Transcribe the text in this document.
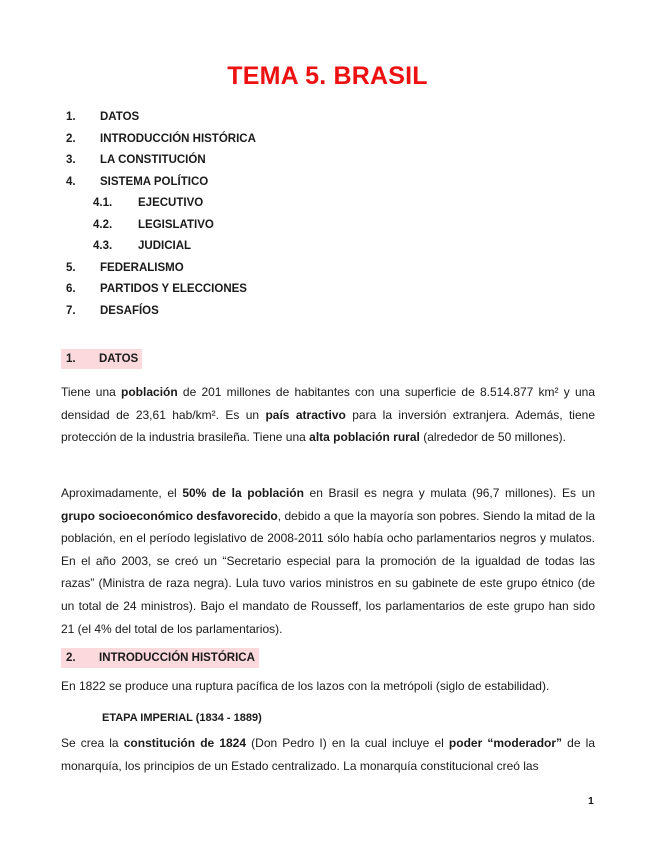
TEMA 5. BRASIL
1.	DATOS
2.	INTRODUCCIÓN HISTÓRICA
3.	LA CONSTITUCIÓN
4.	SISTEMA POLÍTICO
4.1.	EJECUTIVO
4.2.	LEGISLATIVO
4.3.	JUDICIAL
5.	FEDERALISMO
6.	PARTIDOS Y ELECCIONES
7.	DESAFÍOS
1. DATOS

Tiene una población de 201 millones de habitantes con una superficie de 8.514.877 km² y una densidad de 23,61 hab/km². Es un país atractivo para la inversión extranjera. Además, tiene protección de la industria brasileña. Tiene una alta población rural (alrededor de 50 millones).

Aproximadamente, el 50% de la población en Brasil es negra y mulata (96,7 millones). Es un grupo socioeconómico desfavorecido, debido a que la mayoría son pobres. Siendo la mitad de la población, en el período legislativo de 2008-2011 sólo había ocho parlamentarios negros y mulatos. En el año 2003, se creó un “Secretario especial para la promoción de la igualdad de todas las razas” (Ministra de raza negra). Lula tuvo varios ministros en su gabinete de este grupo étnico (de un total de 24 ministros). Bajo el mandato de Rousseff, los parlamentarios de este grupo han sido 21 (el 4% del total de los parlamentarios).

2. INTRODUCCIÓN HISTÓRICA

En 1822 se produce una ruptura pacífica de los lazos con la metrópoli (siglo de estabilidad).

ETAPA IMPERIAL (1834 - 1889)

Se crea la constitución de 1824 (Don Pedro I) en la cual incluye el poder “moderador” de la monarquía, los principios de un Estado centralizado. La monarquía constitucional creó las

1
